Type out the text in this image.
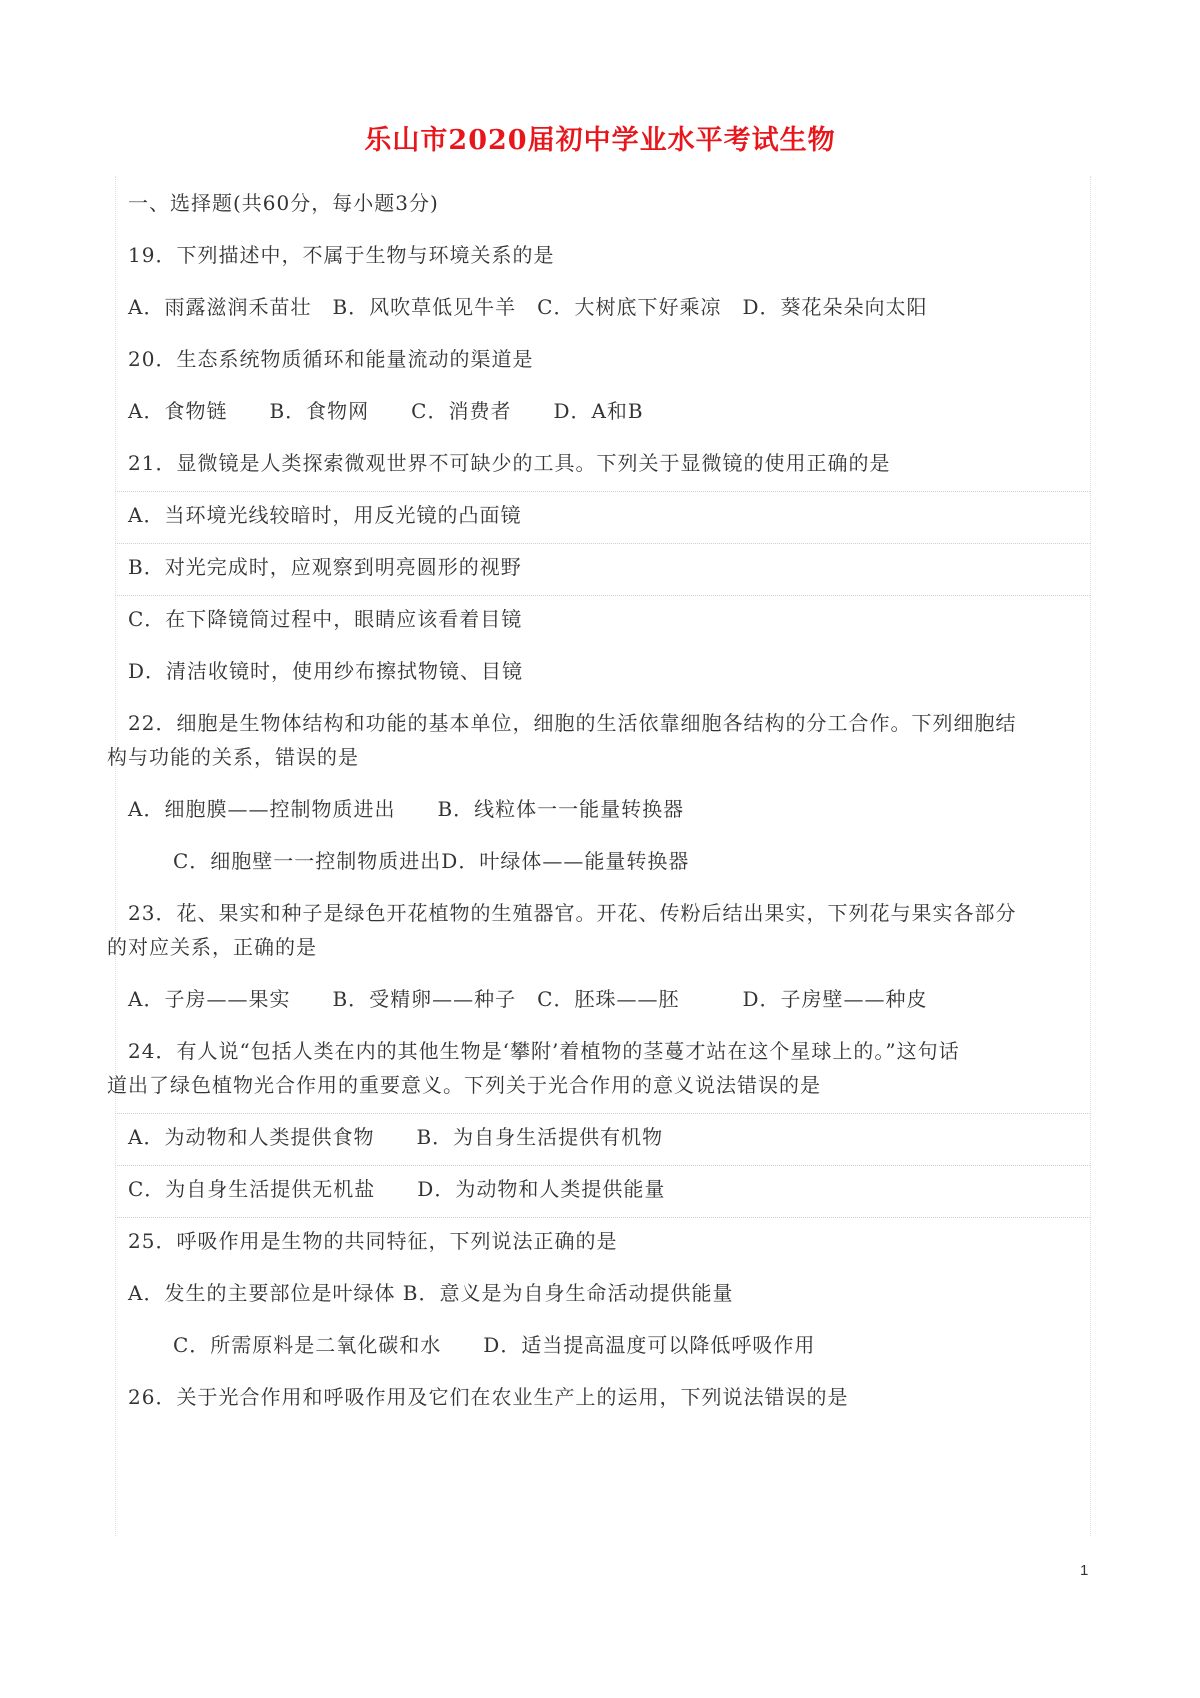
乐山市2020届初中学业水平考试生物
一、选择题(共60分，每小题3分)
19．下列描述中，不属于生物与环境关系的是
A．雨露滋润禾苗壮　B．风吹草低见牛羊　C．大树底下好乘凉　D．葵花朵朵向太阳
20．生态系统物质循环和能量流动的渠道是
A．食物链　　B．食物网　　C．消费者　　D．A和B
21．显微镜是人类探索微观世界不可缺少的工具。下列关于显微镜的使用正确的是
A．当环境光线较暗时，用反光镜的凸面镜
B．对光完成时，应观察到明亮圆形的视野
C．在下降镜筒过程中，眼睛应该看着目镜
D．清洁收镜时，使用纱布擦拭物镜、目镜
22．细胞是生物体结构和功能的基本单位，细胞的生活依靠细胞各结构的分工合作。下列细胞结
构与功能的关系，错误的是
A．细胞膜——控制物质进出　　B．线粒体一一能量转换器
C．细胞壁一一控制物质进出D．叶绿体——能量转换器
23．花、果实和种子是绿色开花植物的生殖器官。开花、传粉后结出果实，下列花与果实各部分
的对应关系，正确的是
A．子房——果实　　B．受精卵——种子　C．胚珠——胚　　　D．子房壁——种皮
24．有人说“包括人类在内的其他生物是‘攀附’着植物的茎蔓才站在这个星球上的。”这句话
道出了绿色植物光合作用的重要意义。下列关于光合作用的意义说法错误的是
A．为动物和人类提供食物　　B．为自身生活提供有机物
C．为自身生活提供无机盐　　D．为动物和人类提供能量
25．呼吸作用是生物的共同特征，下列说法正确的是
A．发生的主要部位是叶绿体 B．意义是为自身生命活动提供能量
C．所需原料是二氧化碳和水　　D．适当提高温度可以降低呼吸作用
26．关于光合作用和呼吸作用及它们在农业生产上的运用，下列说法错误的是
1
